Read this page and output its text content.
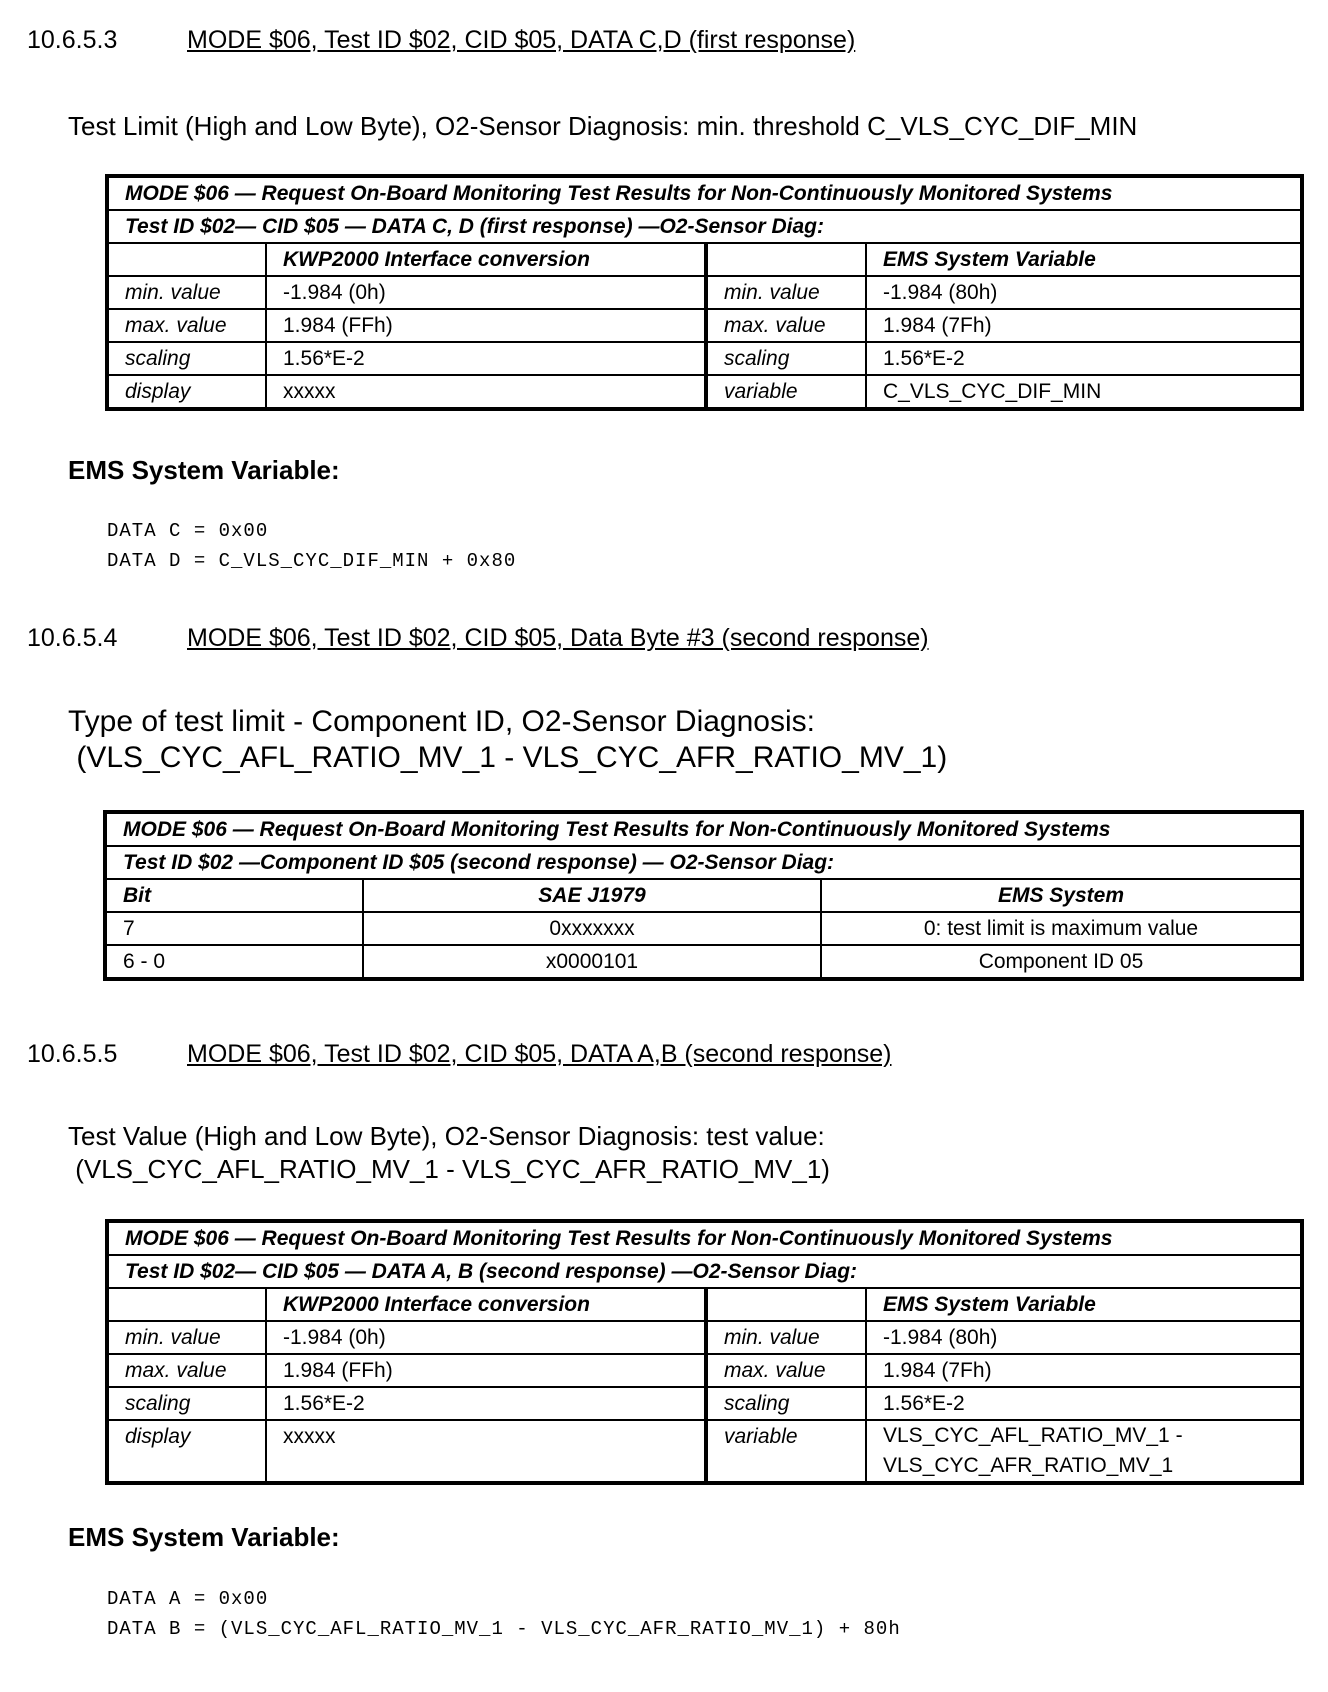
10.6.5.3	MODE $06, Test ID $02, CID $05, DATA C,D (first response)
Test Limit (High and Low Byte), O2-Sensor Diagnosis: min. threshold C_VLS_CYC_DIF_MIN
MODE $06 — Request On-Board Monitoring Test Results for Non-Continuously Monitored Systems			
Test ID $02— CID $05 — DATA C, D (first response) —O2-Sensor Diag:			
	KWP2000 Interface conversion		EMS System Variable
min. value	-1.984 (0h)	min. value	-1.984 (80h)
max. value	1.984 (FFh)	max. value	1.984 (7Fh)
scaling	1.56*E-2	scaling	1.56*E-2
display	xxxxx	variable	C_VLS_CYC_DIF_MIN
EMS System Variable:
DATA C = 0x00
DATA D = C_VLS_CYC_DIF_MIN + 0x80
10.6.5.4	MODE $06, Test ID $02, CID $05, Data Byte #3 (second response)
Type of test limit - Component ID, O2-Sensor Diagnosis:
(VLS_CYC_AFL_RATIO_MV_1 - VLS_CYC_AFR_RATIO_MV_1)
MODE $06 — Request On-Board Monitoring Test Results for Non-Continuously Monitored Systems		
Test ID $02 —Component ID $05 (second response) — O2-Sensor Diag:		
Bit	SAE J1979	EMS System
7	0xxxxxxx	0: test limit is maximum value
6 - 0	x0000101	Component ID 05
10.6.5.5	MODE $06, Test ID $02, CID $05, DATA A,B (second response)
Test Value (High and Low Byte), O2-Sensor Diagnosis: test value:
(VLS_CYC_AFL_RATIO_MV_1 - VLS_CYC_AFR_RATIO_MV_1)
MODE $06 — Request On-Board Monitoring Test Results for Non-Continuously Monitored Systems			
Test ID $02— CID $05 — DATA A, B (second response) —O2-Sensor Diag:			
	KWP2000 Interface conversion		EMS System Variable
min. value	-1.984 (0h)	min. value	-1.984 (80h)
max. value	1.984 (FFh)	max. value	1.984 (7Fh)
scaling	1.56*E-2	scaling	1.56*E-2
display	xxxxx	variable	VLS_CYC_AFL_RATIO_MV_1 - VLS_CYC_AFR_RATIO_MV_1
EMS System Variable:
DATA A = 0x00
DATA B = (VLS_CYC_AFL_RATIO_MV_1 - VLS_CYC_AFR_RATIO_MV_1) + 80h
